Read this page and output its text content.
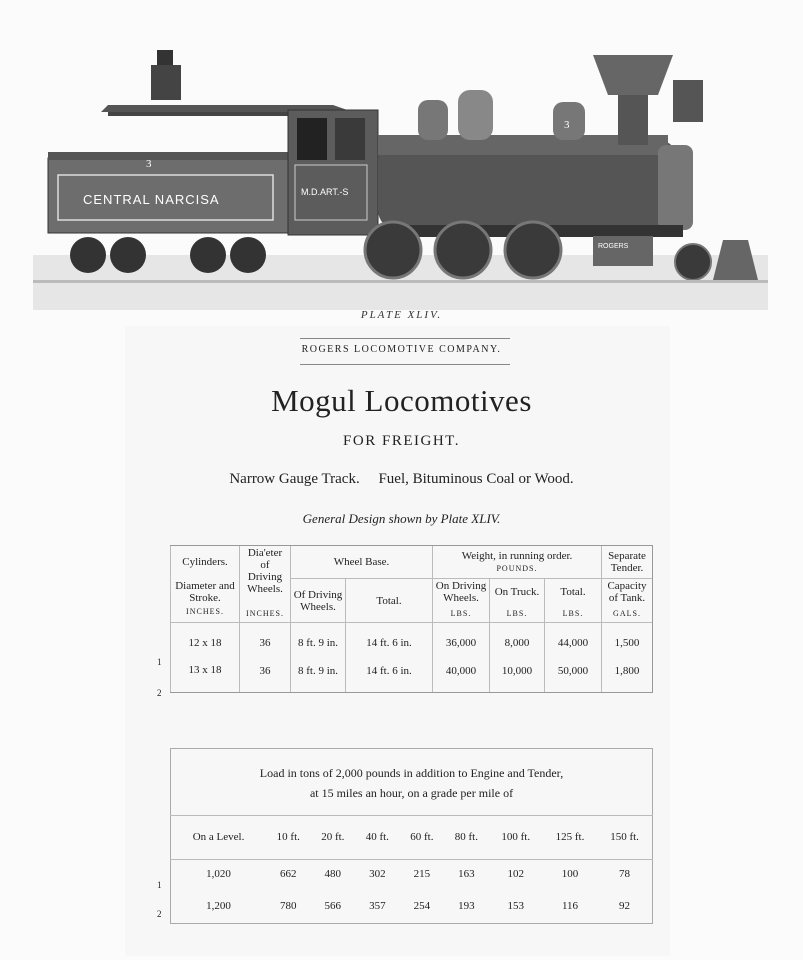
3
CENTRAL NARCISA	M.D.ART.-S
3
ROGERS
PLATE XLIV.
ROGERS LOCOMOTIVE COMPANY.
Mogul Locomotives
FOR FREIGHT.
Narrow Gauge Track. Fuel, Bituminous Coal or Wood.
General Design shown by Plate XLIV.
Cylinders.	Dia'eter of Driving Wheels.	Wheel Base.		Weight, in running order.
POUNDS.			Separate Tender.
Diameter and Stroke.		Of Driving Wheels.	Total.	On Driving Wheels.	On Truck.	Total.	Capacity of Tank.
INCHES.	INCHES.			LBS.	LBS.	LBS.	GALS.
12 x 18	36	8 ft. 9 in.	14 ft. 6 in.	36,000	8,000	44,000	1,500
13 x 18	36	8 ft. 9 in.	14 ft. 6 in.	40,000	10,000	50,000	1,800
1
2
Load in tons of 2,000 pounds in addition to Engine and Tender,
at 15 miles an hour, on a grade per mile of								
On a Level.	10 ft.	20 ft.	40 ft.	60 ft.	80 ft.	100 ft.	125 ft.	150 ft.
1,020	662	480	302	215	163	102	100	78
1,200	780	566	357	254	193	153	116	92
1
2
